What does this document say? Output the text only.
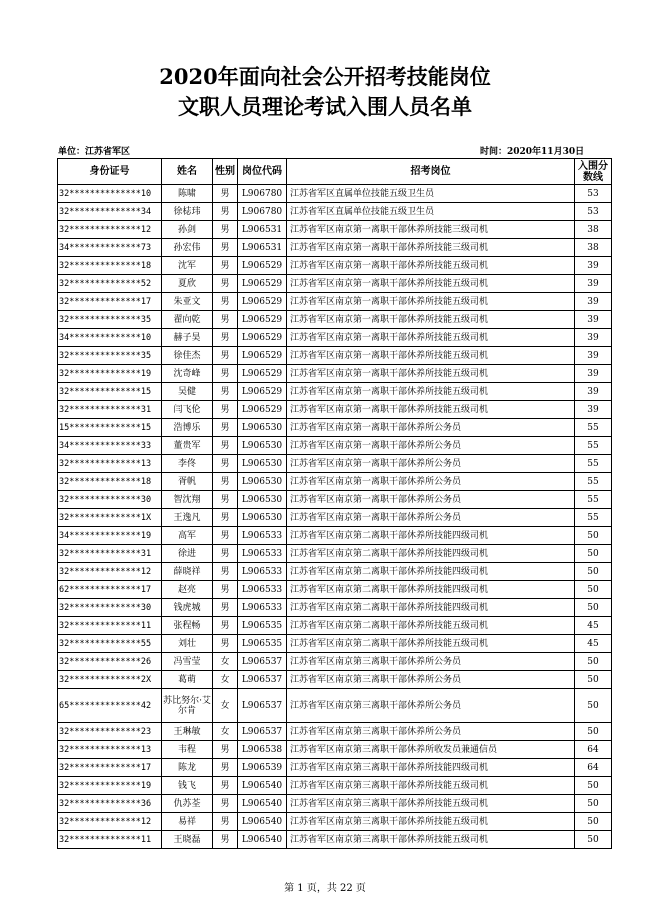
2020年面向社会公开招考技能岗位
文职人员理论考试入围人员名单
单位：江苏省军区	时间：2020年11月30日
身份证号	姓名	性别	岗位代码	招考岗位	入围分数线
32**************10	陈啸	男	L906780	江苏省军区直属单位技能五级卫生员	53
32**************34	徐梽玮	男	L906780	江苏省军区直属单位技能五级卫生员	53
32**************12	孙剑	男	L906531	江苏省军区南京第一离职干部休养所技能三级司机	38
34**************73	孙宏伟	男	L906531	江苏省军区南京第一离职干部休养所技能三级司机	38
32**************18	沈军	男	L906529	江苏省军区南京第一离职干部休养所技能五级司机	39
32**************52	夏欣	男	L906529	江苏省军区南京第一离职干部休养所技能五级司机	39
32**************17	朱亚文	男	L906529	江苏省军区南京第一离职干部休养所技能五级司机	39
32**************35	翟向乾	男	L906529	江苏省军区南京第一离职干部休养所技能五级司机	39
34**************10	赫子昊	男	L906529	江苏省军区南京第一离职干部休养所技能五级司机	39
32**************35	徐佳杰	男	L906529	江苏省军区南京第一离职干部休养所技能五级司机	39
32**************19	沈奇峰	男	L906529	江苏省军区南京第一离职干部休养所技能五级司机	39
32**************15	吴健	男	L906529	江苏省军区南京第一离职干部休养所技能五级司机	39
32**************31	闫飞伦	男	L906529	江苏省军区南京第一离职干部休养所技能五级司机	39
15**************15	浩博乐	男	L906530	江苏省军区南京第一离职干部休养所公务员	55
34**************33	董贵军	男	L906530	江苏省军区南京第一离职干部休养所公务员	55
32**************13	李佟	男	L906530	江苏省军区南京第一离职干部休养所公务员	55
32**************18	胥帆	男	L906530	江苏省军区南京第一离职干部休养所公务员	55
32**************30	智沈翔	男	L906530	江苏省军区南京第一离职干部休养所公务员	55
32**************1X	王逸凡	男	L906530	江苏省军区南京第一离职干部休养所公务员	55
34**************19	高军	男	L906533	江苏省军区南京第二离职干部休养所技能四级司机	50
32**************31	徐进	男	L906533	江苏省军区南京第二离职干部休养所技能四级司机	50
32**************12	薛晓祥	男	L906533	江苏省军区南京第二离职干部休养所技能四级司机	50
62**************17	赵亮	男	L906533	江苏省军区南京第二离职干部休养所技能四级司机	50
32**************30	钱虎城	男	L906533	江苏省军区南京第二离职干部休养所技能四级司机	50
32**************11	张程畅	男	L906535	江苏省军区南京第二离职干部休养所技能五级司机	45
32**************55	刘壮	男	L906535	江苏省军区南京第二离职干部休养所技能五级司机	45
32**************26	冯雪莹	女	L906537	江苏省军区南京第三离职干部休养所公务员	50
32**************2X	葛萌	女	L906537	江苏省军区南京第三离职干部休养所公务员	50
65**************42	苏比努尔·艾尔肯	女	L906537	江苏省军区南京第三离职干部休养所公务员	50
32**************23	王琳敏	女	L906537	江苏省军区南京第三离职干部休养所公务员	50
32**************13	韦程	男	L906538	江苏省军区南京第三离职干部休养所收发员兼通信员	64
32**************17	陈龙	男	L906539	江苏省军区南京第三离职干部休养所技能四级司机	64
32**************19	钱飞	男	L906540	江苏省军区南京第三离职干部休养所技能五级司机	50
32**************36	仇苏荃	男	L906540	江苏省军区南京第三离职干部休养所技能五级司机	50
32**************12	易祥	男	L906540	江苏省军区南京第三离职干部休养所技能五级司机	50
32**************11	王晓磊	男	L906540	江苏省军区南京第三离职干部休养所技能五级司机	50
第 1 页，共 22 页
